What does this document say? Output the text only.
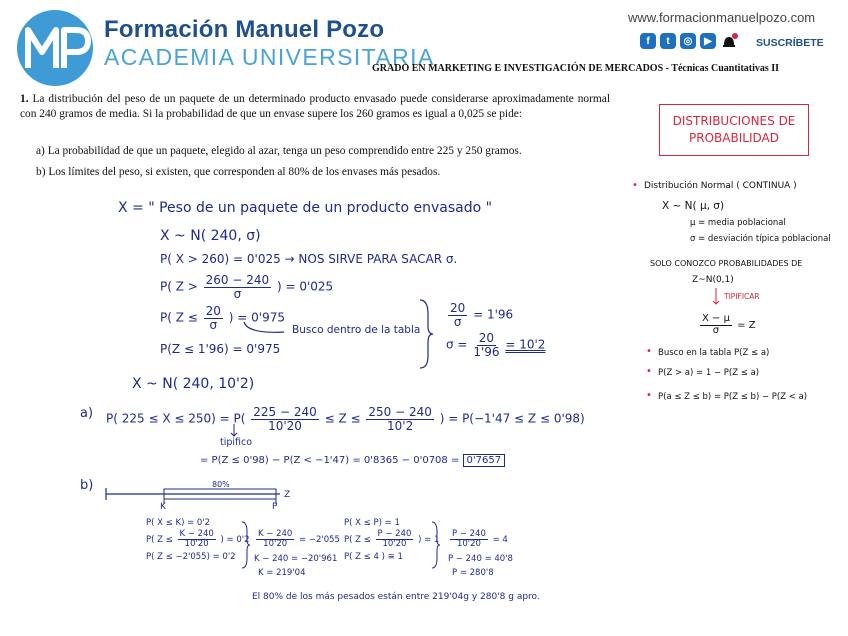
Formación Manuel Pozo
ACADEMIA UNIVERSITARIA
www.formacionmanuelpozo.com
f	t	◎	▶	SUSCRÍBETE
GRADO EN MARKETING E INVESTIGACIÓN DE MERCADOS - Técnicas Cuantitativas II
1. La distribución del peso de un paquete de un determinado producto envasado puede considerarse aproximadamente normal con 240 gramos de media. Si la probabilidad de que un envase supere los 260 gramos es igual a 0,025 se pide:
a) La probabilidad de que un paquete, elegido al azar, tenga un peso comprendido entre 225 y 250 gramos.
b) Los límites del peso, si existen, que corresponden al 80% de los envases más pesados.
DISTRIBUCIONES DE
PROBABILIDAD
X = " Peso de un paquete de un producto envasado "
X ~ N( 240, σ)
P( X > 260) = 0'025 → NOS SIRVE PARA SACAR σ.
P( $Z > \frac{260 - 240}{\sigma}$ ) = 0'025
P( $Z \le \frac{20}{\sigma}$ ) = 0'975
Busco dentro de la tabla
P(Z ≤ 1'96) = 0'975
$\frac{20}{\sigma} = 1'96$
$\sigma = \frac{20}{1'96} = 10'2$
X ~ N( 240, 10'2)
a) P( $225 \le X \le 250) = P( \frac{225 - 240}{10'20} \le Z \le \frac{250 - 240}{10'2}$ ) = P(−1'47 ≤ Z ≤ 0'98)
tipifico
= P(Z ≤ 0'98) − P(Z < −1'47) = 0'8365 − 0'0708 = 0'7657
b)	80%
K	P
Z
P( X ≤ K) = 0'2
P( $Z \le \frac{K - 240}{10'20}$ ) = 0'2
P( Z ≤ −2'055) = 0'2
$\frac{K - 240}{10'20} = -2'055$
K − 240 = −20'961
K = 219'04
P( X ≤ P) = 1
P( $Z \le \frac{P - 240}{10'20}$ ) = 1
P( Z ≤ 4 ) ≅ 1
$\frac{P - 240}{10'20} = 4$
P − 240 = 40'8
P = 280'8
El 80% de los más pesados están entre 219'04g y 280'8 g apro.
• Distribución Normal ( CONTINUA )
X ~ N( μ, σ)
μ = media poblacional
σ = desviación típica poblacional
SOLO CONOZCO PROBABILIDADES DE
Z~N(0,1)
TIPIFICAR
$\frac{X - \mu}{\sigma} = Z$
• Busco en la tabla P(Z ≤ a)
• P(Z > a) = 1 − P(Z ≤ a)
• P(a ≤ Z ≤ b) = P(Z ≤ b) − P(Z < a)
